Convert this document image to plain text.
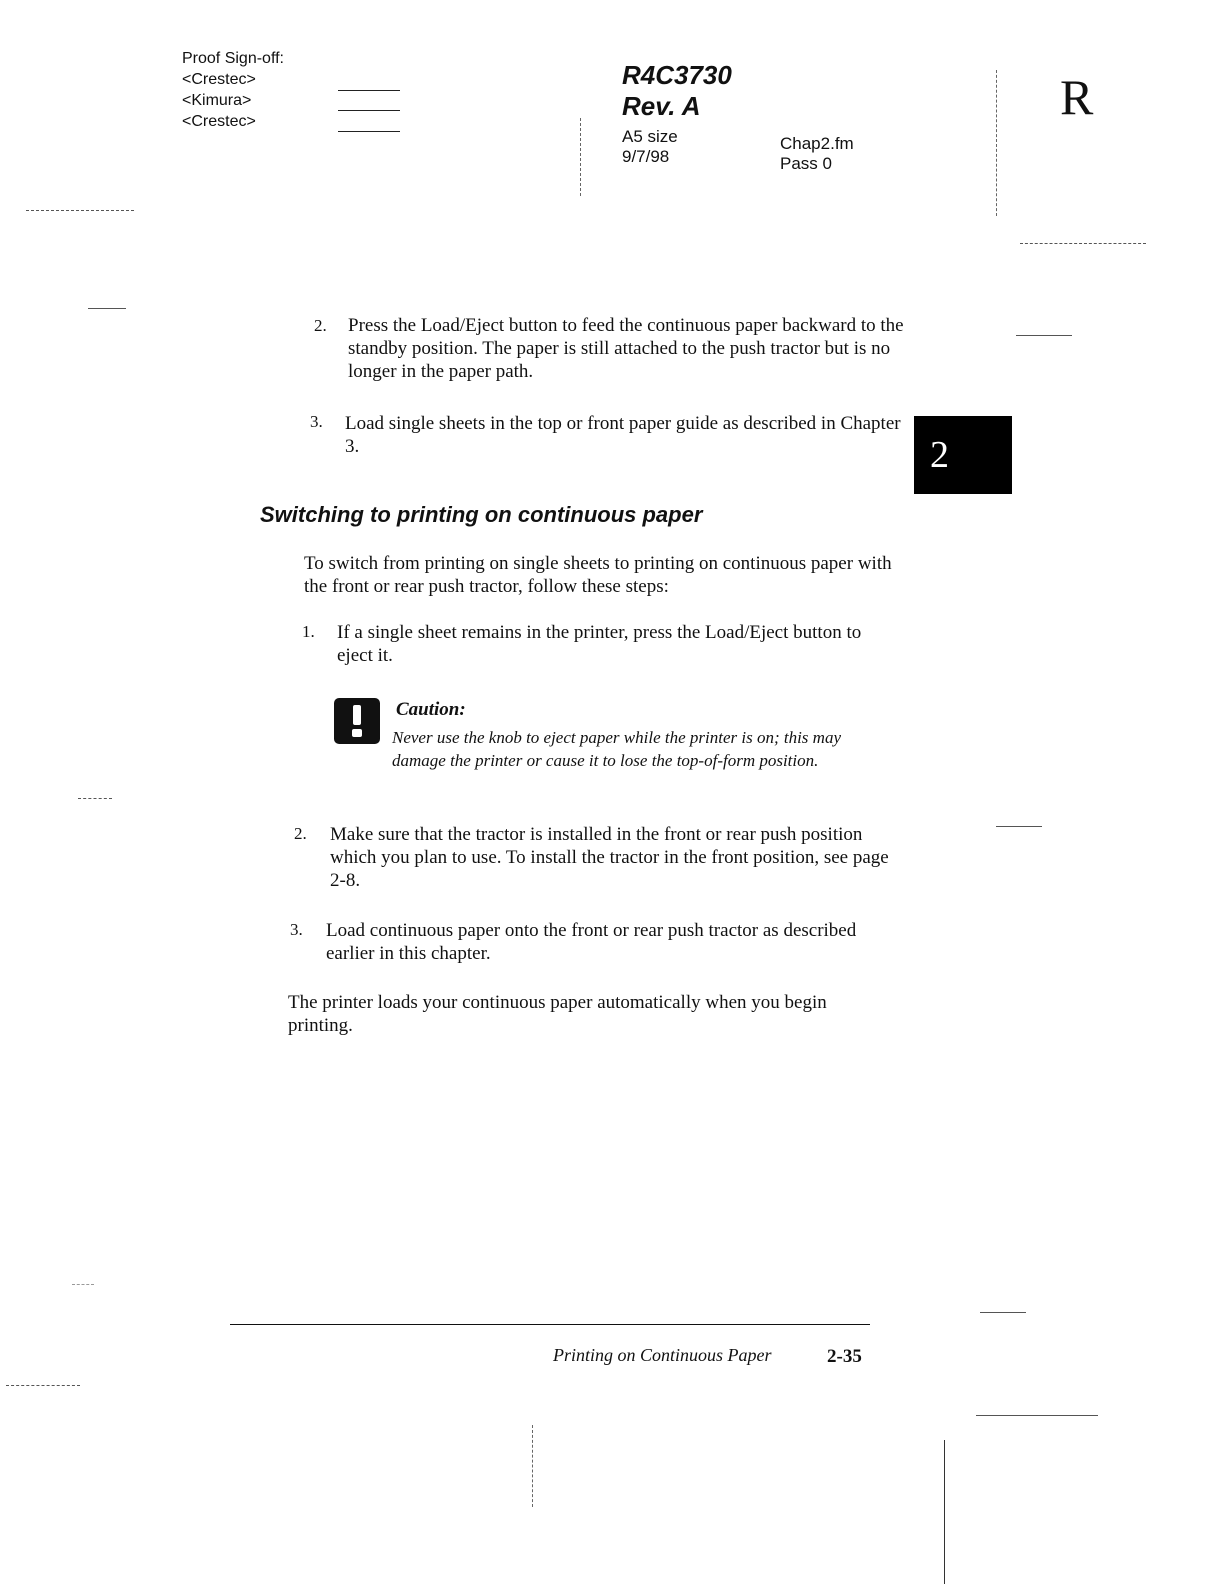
Proof Sign-off:
<Crestec>
<Kimura>
<Crestec>
R4C3730
Rev. A
A5 size
9/7/98
Chap2.fm
Pass 0
R
2
2. Press the Load/Eject button to feed the continuous paper backward to the standby position. The paper is still attached to the push tractor but is no longer in the paper path.
3. Load single sheets in the top or front paper guide as described in Chapter 3.
Switching to printing on continuous paper
To switch from printing on single sheets to printing on continuous paper with the front or rear push tractor, follow these steps:
1. If a single sheet remains in the printer, press the Load/Eject button to eject it.
Caution:
Never use the knob to eject paper while the printer is on; this may damage the printer or cause it to lose the top-of-form position.
2. Make sure that the tractor is installed in the front or rear push position which you plan to use. To install the tractor in the front position, see page 2-8.
3. Load continuous paper onto the front or rear push tractor as described earlier in this chapter.
The printer loads your continuous paper automatically when you begin printing.
Printing on Continuous Paper	2-35
